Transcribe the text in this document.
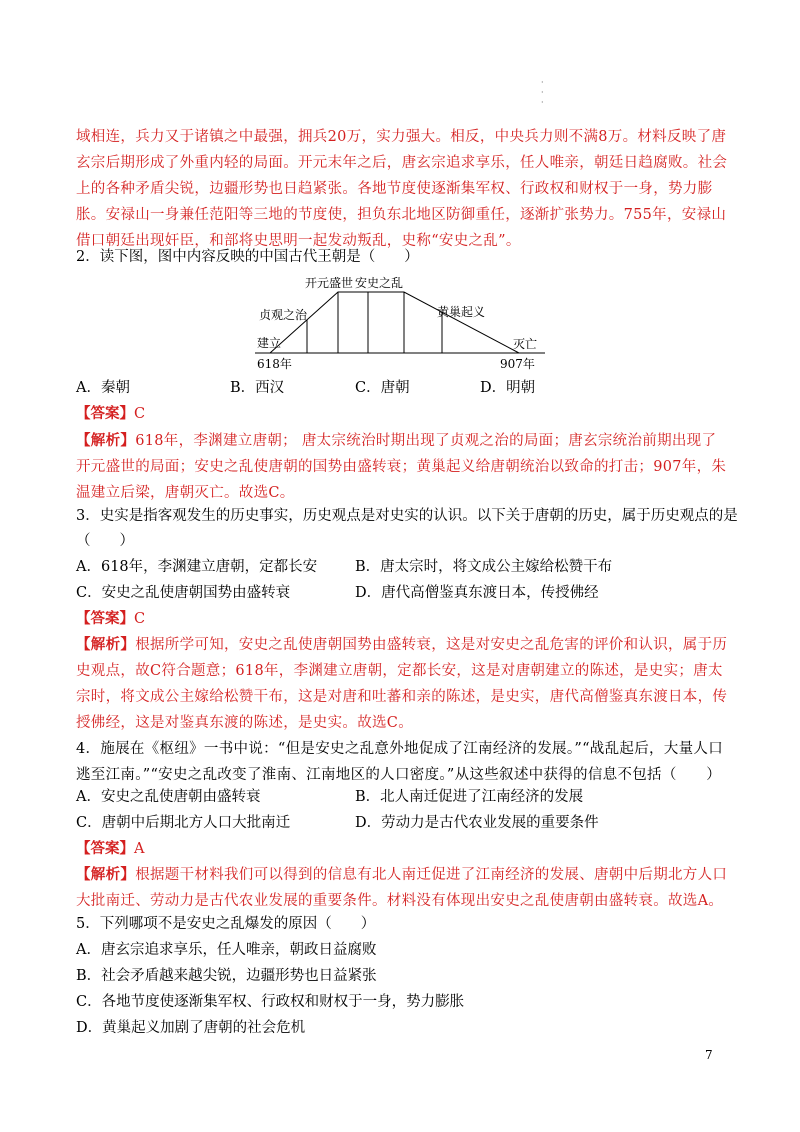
·
·
·
域相连，兵力又于诸镇之中最强，拥兵20万，实力强大。相反，中央兵力则不满8万。材料反映了唐玄宗后期形成了外重内轻的局面。开元末年之后，唐玄宗追求享乐，任人唯亲，朝廷日趋腐败。社会上的各种矛盾尖锐，边疆形势也日趋紧张。各地节度使逐渐集军权、行政权和财权于一身，势力膨胀。安禄山一身兼任范阳等三地的节度使，担负东北地区防御重任，逐渐扩张势力。755年，安禄山借口朝廷出现奸臣，和部将史思明一起发动叛乱，史称“安史之乱”。
2．读下图，图中内容反映的中国古代王朝是（　　）
建立
贞观之治
开元盛世 安史之乱
黄巢起义
灭亡
618年	907年
A．秦朝	B．西汉	C．唐朝	D．明朝
【答案】C
【解析】618年，李渊建立唐朝； 唐太宗统治时期出现了贞观之治的局面；唐玄宗统治前期出现了开元盛世的局面；安史之乱使唐朝的国势由盛转衰；黄巢起义给唐朝统治以致命的打击；907年，朱温建立后梁，唐朝灭亡。故选C。
3．史实是指客观发生的历史事实，历史观点是对史实的认识。以下关于唐朝的历史，属于历史观点的是
（　　）
A．618年，李渊建立唐朝，定都长安	B．唐太宗时，将文成公主嫁给松赞干布
C．安史之乱使唐朝国势由盛转衰	D．唐代高僧鉴真东渡日本，传授佛经
【答案】C
【解析】根据所学可知，安史之乱使唐朝国势由盛转衰，这是对安史之乱危害的评价和认识，属于历史观点，故C符合题意；618年，李渊建立唐朝，定都长安，这是对唐朝建立的陈述，是史实；唐太宗时，将文成公主嫁给松赞干布，这是对唐和吐蕃和亲的陈述，是史实，唐代高僧鉴真东渡日本，传授佛经，这是对鉴真东渡的陈述，是史实。故选C。
4．施展在《枢纽》一书中说：“但是安史之乱意外地促成了江南经济的发展。”“战乱起后，大量人口逃至江南。”“安史之乱改变了淮南、江南地区的人口密度。”从这些叙述中获得的信息不包括（　　）
A．安史之乱使唐朝由盛转衰	B．北人南迁促进了江南经济的发展
C．唐朝中后期北方人口大批南迁	D．劳动力是古代农业发展的重要条件
【答案】A
【解析】根据题干材料我们可以得到的信息有北人南迁促进了江南经济的发展、唐朝中后期北方人口大批南迁、劳动力是古代农业发展的重要条件。材料没有体现出安史之乱使唐朝由盛转衰。故选A。
5．下列哪项不是安史之乱爆发的原因（　　）
A．唐玄宗追求享乐，任人唯亲，朝政日益腐败
B．社会矛盾越来越尖锐，边疆形势也日益紧张
C．各地节度使逐渐集军权、行政权和财权于一身，势力膨胀
D．黄巢起义加剧了唐朝的社会危机
7
